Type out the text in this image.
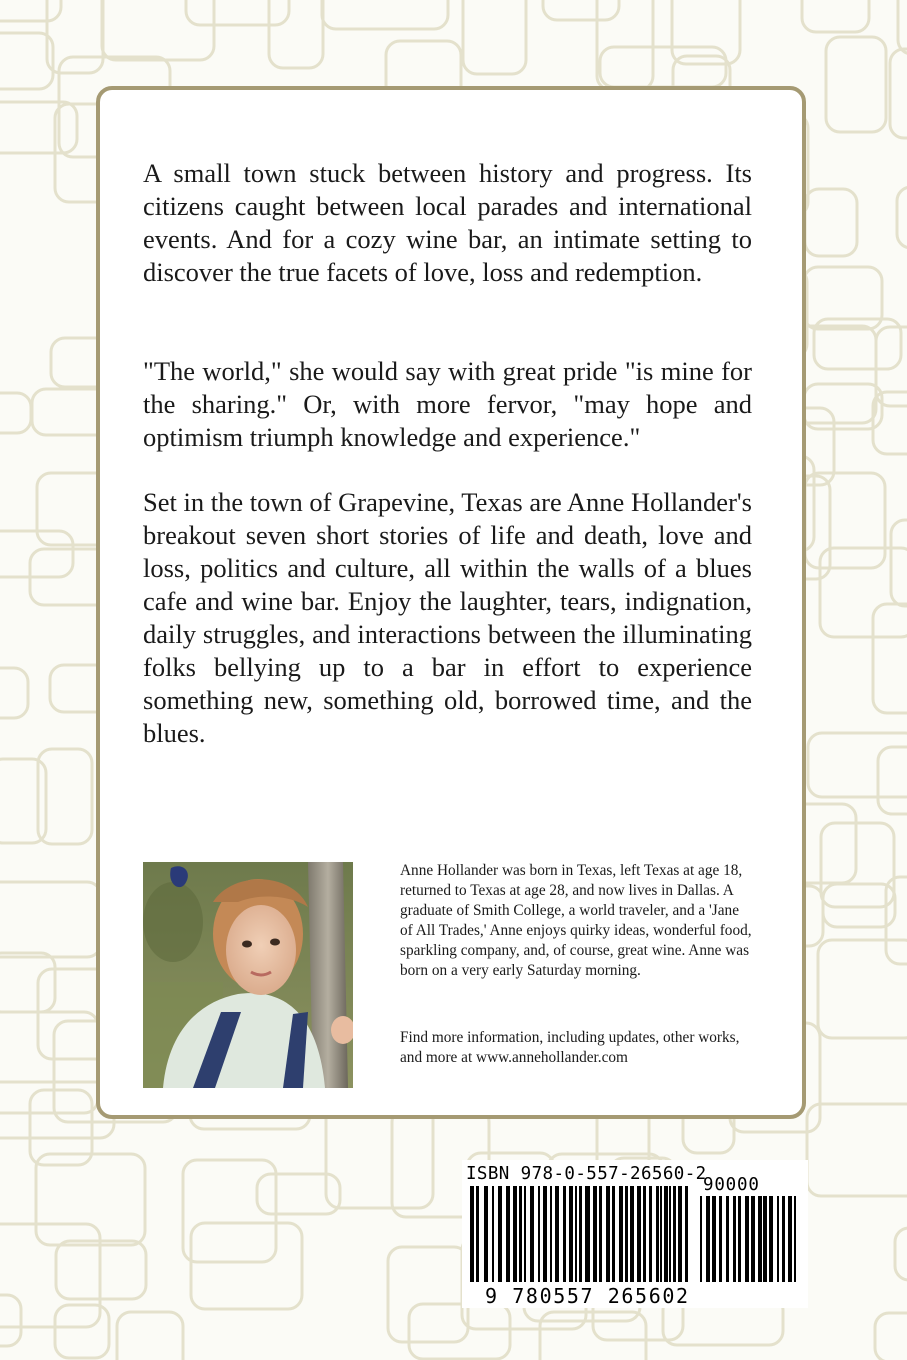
A small town stuck between history and progress. Its citizens caught between local parades and international events. And for a cozy wine bar, an intimate setting to discover the true facets of love, loss and redemption.

"The world," she would say with great pride "is mine for the sharing." Or, with more fervor, "may hope and optimism triumph knowledge and experience."

Set in the town of Grapevine, Texas are Anne Hollander's breakout seven short stories of life and death, love and loss, politics and culture, all within the walls of a blues cafe and wine bar. Enjoy the laughter, tears, indignation, daily struggles, and interactions between the illuminating folks bellying up to a bar in effort to experience something new, something old, borrowed time, and the blues.

Anne Hollander was born in Texas, left Texas at age 18, returned to Texas at age 28, and now lives in Dallas. A graduate of Smith College, a world traveler, and a 'Jane of All Trades,' Anne enjoys quirky ideas, wonderful food, sparkling company, and, of course, great wine. Anne was born on a very early Saturday morning.

Find more information, including updates, other works, and more at www.annehollander.com

ISBN 978-0-557-26560-2

90000

9 780557 265602
